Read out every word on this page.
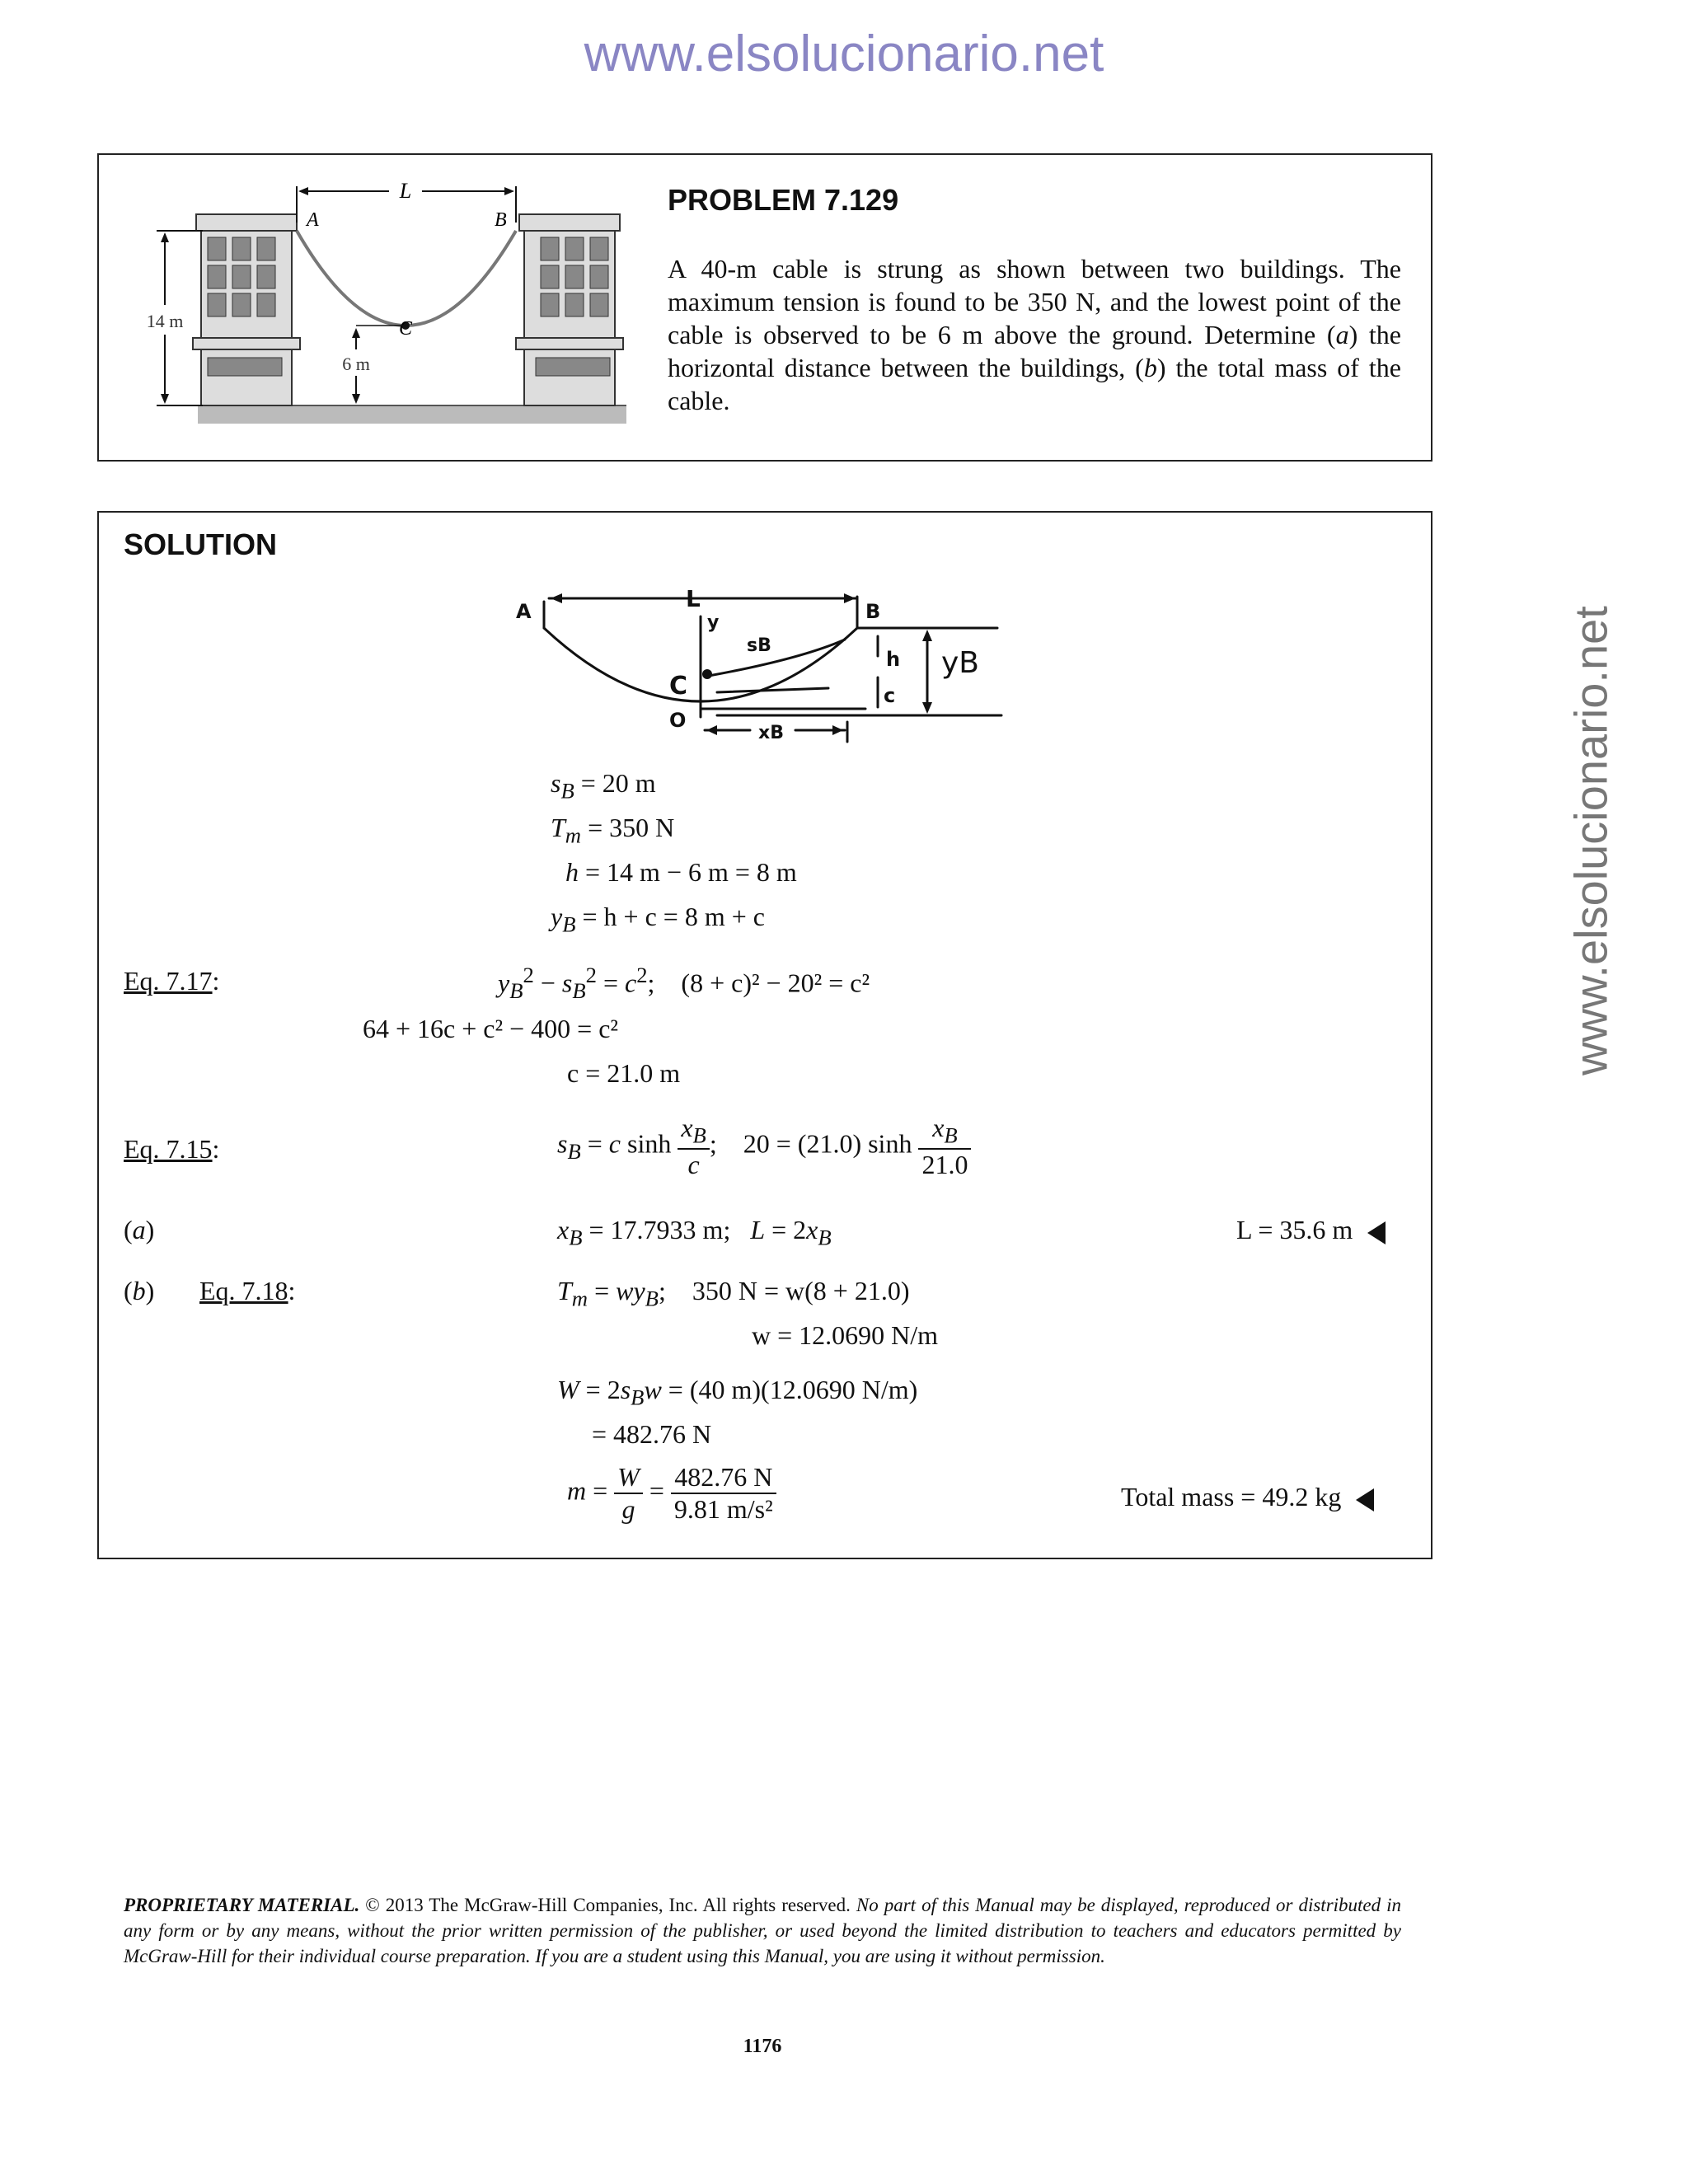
www.elsolucionario.net
www.elsolucionario.net
L
A	B
C
14 m
6 m
PROBLEM 7.129
A 40-m cable is strung as shown between two buildings. The maximum tension is found to be 350 N, and the lowest point of the cable is observed to be 6 m above the ground. Determine (a) the horizontal distance between the buildings, (b) the total mass of the cable.
SOLUTION
A	L	B
y
sB
h yB
C	c
O
xB
$s_B = 20$ m
$T_m = 350$ N
h = 14 m − 6 m = 8 m
$y_B = h + c = 8$ m + c
Eq. 7.17:	$y_B^2 - s_B^2 = c^2$;    (8 + c)² − 20² = c²
64 + 16c + c² − 400 = c²
c = 21.0 m
Eq. 7.15:	$s_B = c$ $\sinh \frac{x_B}{c}$ ;    20 = (21.0) $\sinh \frac{x_B}{21.0}$
(a)	$x_B = 17.7933$ m; $L = 2x_B$	L = 35.6 m
(b) Eq. 7.18:	$T_m = wy_B$;    350 N = w(8 + 21.0)
w = 12.0690 N/m
$W = 2s_Bw = (40$ m)(12.0690 N/m)
= 482.76 N
$m = \frac{W}{g} = \frac{482.76 N}{\text{9.81 m/s²}}$	Total mass = 49.2 kg
PROPRIETARY MATERIAL. © 2013 The McGraw-Hill Companies, Inc. All rights reserved. No part of this Manual may be displayed, reproduced or distributed in any form or by any means, without the prior written permission of the publisher, or used beyond the limited distribution to teachers and educators permitted by McGraw-Hill for their individual course preparation. If you are a student using this Manual, you are using it without permission.
1176
